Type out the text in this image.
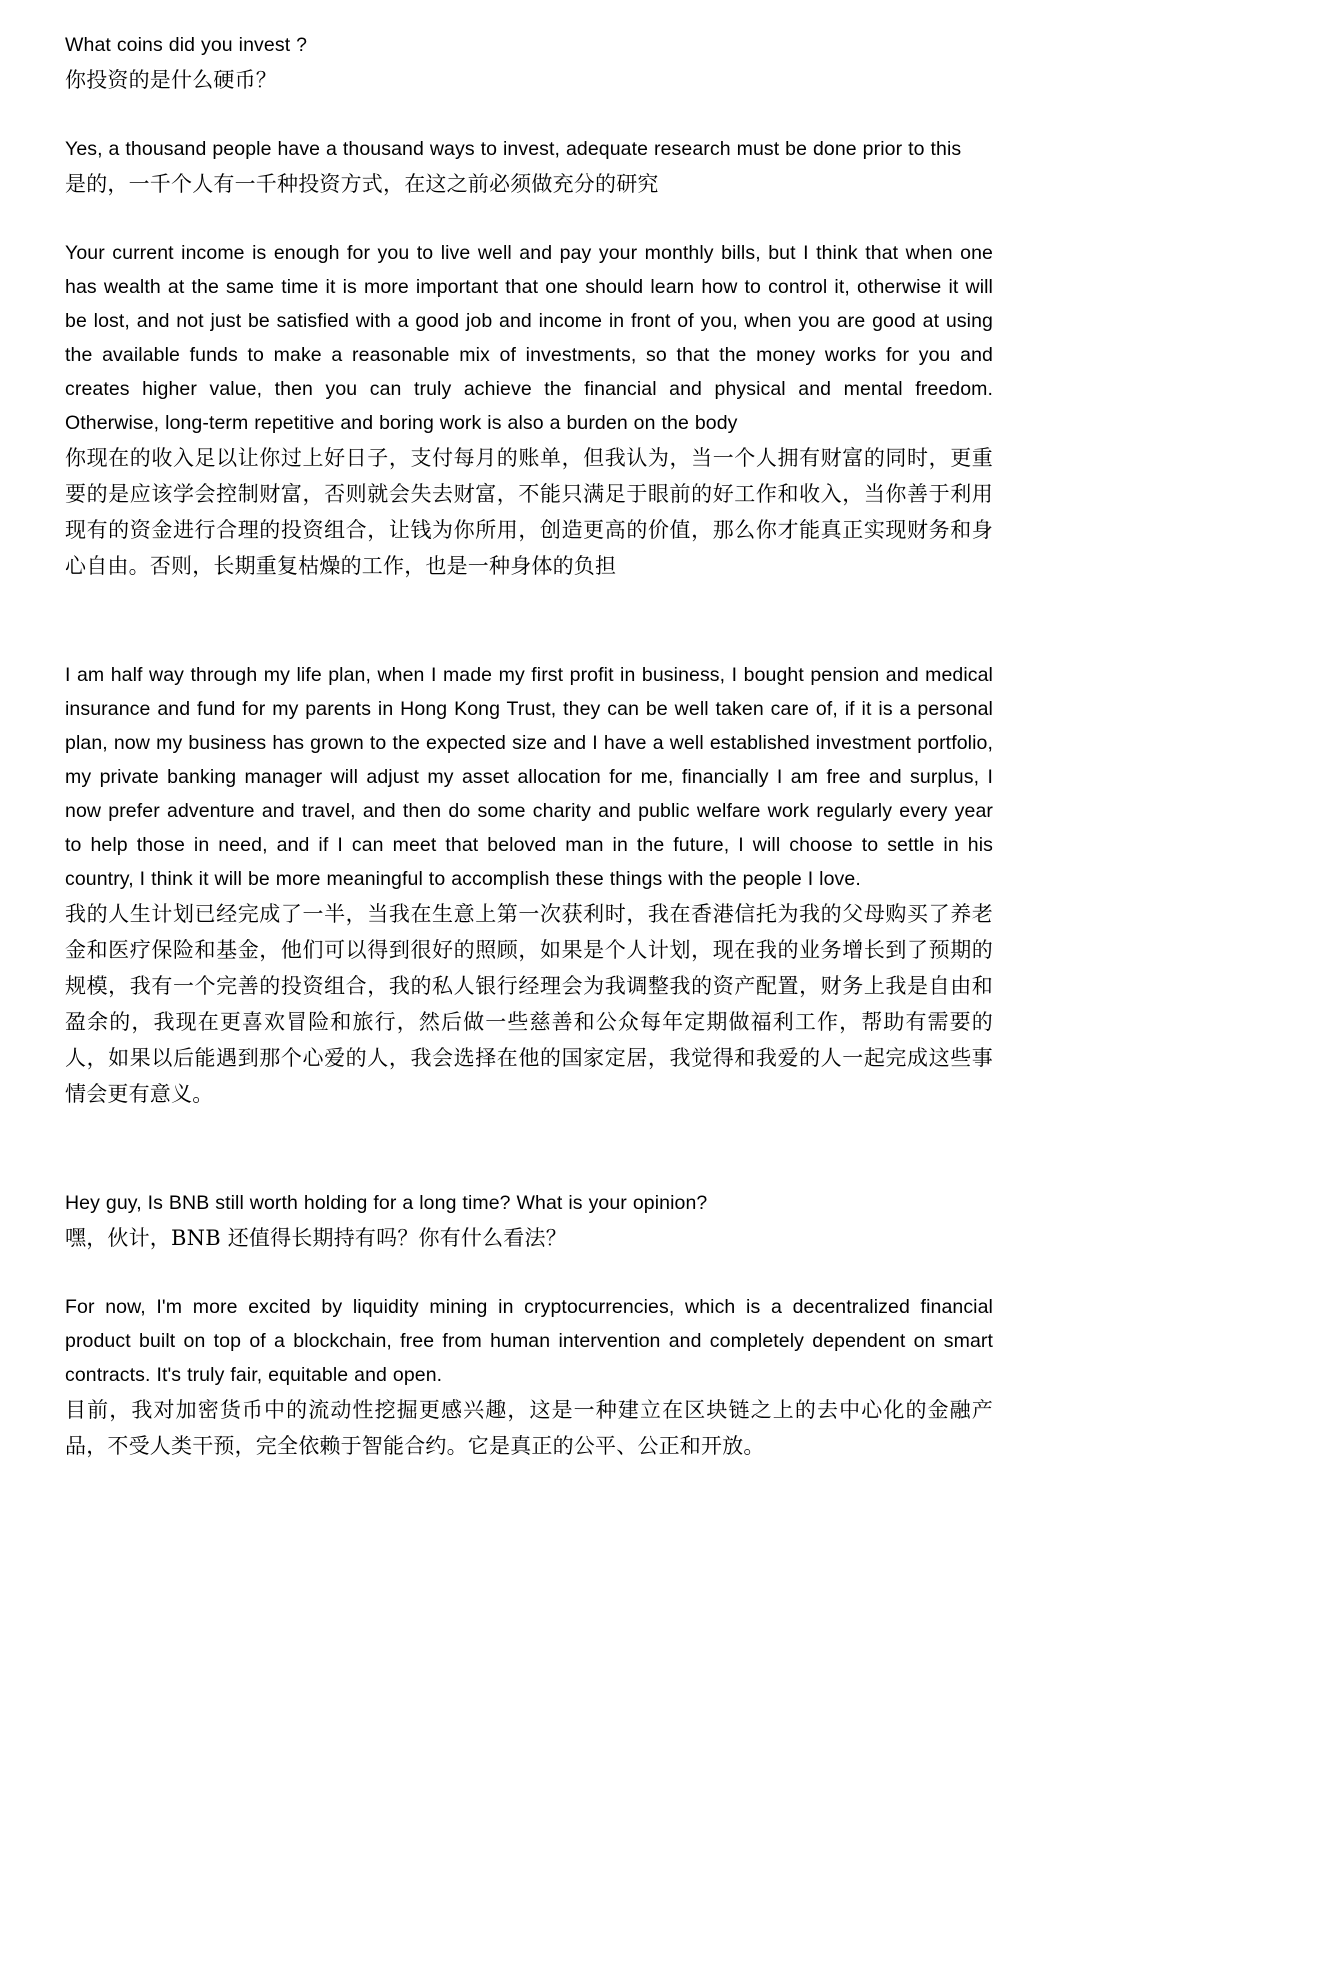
What coins did you invest ?

你投资的是什么硬币？

Yes, a thousand people have a thousand ways to invest, adequate research must be done prior to this

是的，一千个人有一千种投资方式，在这之前必须做充分的研究

Your current income is enough for you to live well and pay your monthly bills, but I think that when one has wealth at the same time it is more important that one should learn how to control it, otherwise it will be lost, and not just be satisfied with a good job and income in front of you, when you are good at using the available funds to make a reasonable mix of investments, so that the money works for you and creates higher value, then you can truly achieve the financial and physical and mental freedom. Otherwise, long-term repetitive and boring work is also a burden on the body

你现在的收入足以让你过上好日子，支付每月的账单，但我认为，当一个人拥有财富的同时，更重要的是应该学会控制财富，否则就会失去财富，不能只满足于眼前的好工作和收入，当你善于利用现有的资金进行合理的投资组合，让钱为你所用，创造更高的价值，那么你才能真正实现财务和身心自由。否则，长期重复枯燥的工作，也是一种身体的负担

I am half way through my life plan, when I made my first profit in business, I bought pension and medical insurance and fund for my parents in Hong Kong Trust, they can be well taken care of, if it is a personal plan, now my business has grown to the expected size and I have a well established investment portfolio, my private banking manager will adjust my asset allocation for me, financially I am free and surplus, I now prefer adventure and travel, and then do some charity and public welfare work regularly every year to help those in need, and if I can meet that beloved man in the future, I will choose to settle in his country, I think it will be more meaningful to accomplish these things with the people I love.

我的人生计划已经完成了一半，当我在生意上第一次获利时，我在香港信托为我的父母购买了养老金和医疗保险和基金，他们可以得到很好的照顾，如果是个人计划，现在我的业务增长到了预期的规模，我有一个完善的投资组合，我的私人银行经理会为我调整我的资产配置，财务上我是自由和盈余的，我现在更喜欢冒险和旅行，然后做一些慈善和公众每年定期做福利工作，帮助有需要的人，如果以后能遇到那个心爱的人，我会选择在他的国家定居，我觉得和我爱的人一起完成这些事情会更有意义。

Hey guy, Is BNB still worth holding for a long time? What is your opinion?

嘿，伙计，BNB 还值得长期持有吗？你有什么看法？

For now, I'm more excited by liquidity mining in cryptocurrencies, which is a decentralized financial product built on top of a blockchain, free from human intervention and completely dependent on smart contracts. It's truly fair, equitable and open.

目前，我对加密货币中的流动性挖掘更感兴趣，这是一种建立在区块链之上的去中心化的金融产品，不受人类干预，完全依赖于智能合约。它是真正的公平、公正和开放。
